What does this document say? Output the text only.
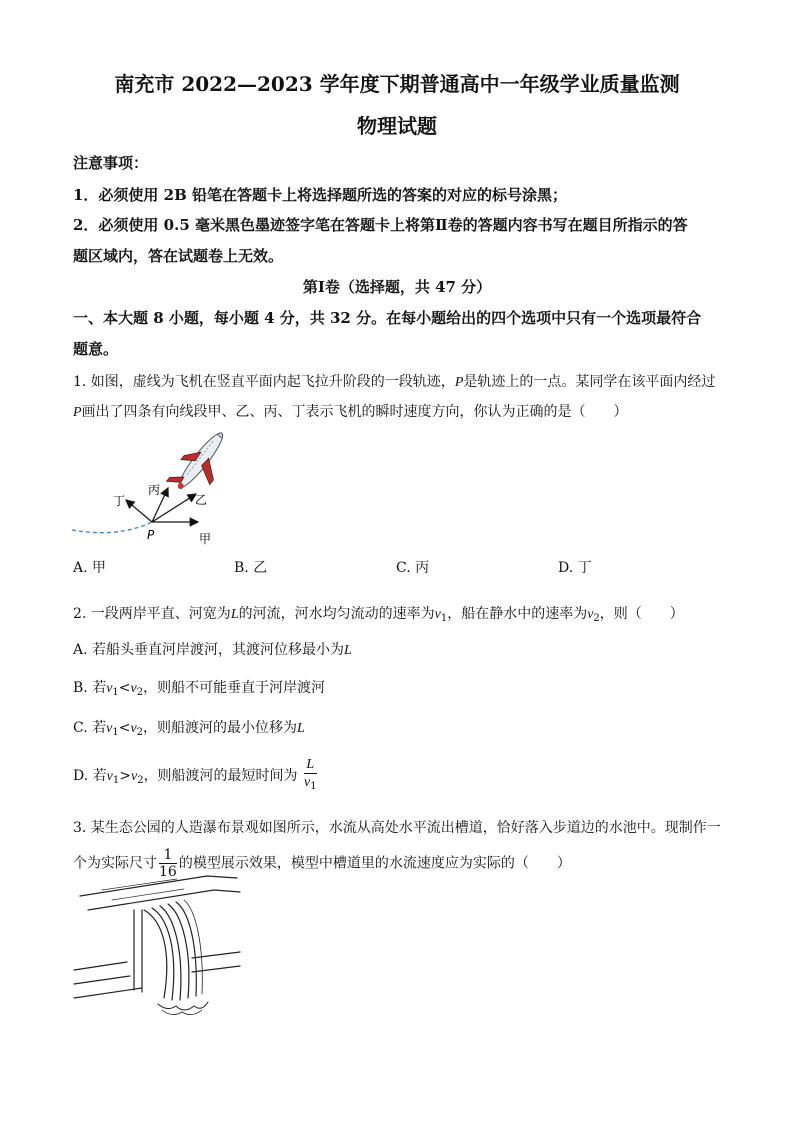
南充市 2022—2023 学年度下期普通高中一年级学业质量监测
物理试题
注意事项：
1．必须使用 2B 铅笔在答题卡上将选择题所选的答案的对应的标号涂黑；
2．必须使用 0.5 毫米黑色墨迹签字笔在答题卡上将第Ⅱ卷的答题内容书写在题目所指示的答
题区域内，答在试题卷上无效。
第Ⅰ卷（选择题，共 47 分）
一、本大题 8 小题，每小题 4 分，共 32 分。在每小题给出的四个选项中只有一个选项最符合
题意。
1. 如图，虚线为飞机在竖直平面内起飞拉升阶段的一段轨迹，P是轨迹上的一点。某同学在该平面内经过
P画出了四条有向线段甲、乙、丙、丁表示飞机的瞬时速度方向，你认为正确的是（　　）
甲
乙
丙
丁
P
A. 甲	B. 乙	C. 丙	D. 丁
2. 一段两岸平直、河宽为L的河流，河水均匀流动的速率为$v_1$，船在静水中的速率为$v_2$，则（　　）
A. 若船头垂直河岸渡河，其渡河位移最小为L
B. 若$v_1<v_2$，则船不可能垂直于河岸渡河
C. 若$v_1<v_2$，则船渡河的最小位移为L
D. 若$v_1>v_2$，则船渡河的最短时间为 $\frac{L}{v_1}$
3. 某生态公园的人造瀑布景观如图所示，水流从高处水平流出槽道，恰好落入步道边的水池中。现制作一
个为实际尺寸 $\frac{1}{16}$ 的模型展示效果，模型中槽道里的水流速度应为实际的（　　）
